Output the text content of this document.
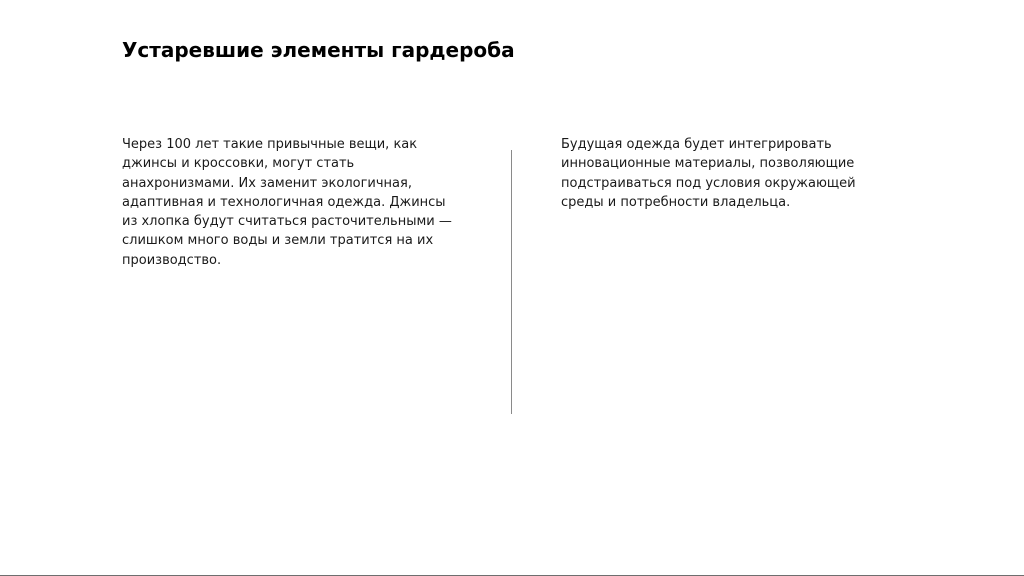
Устаревшие элементы гардероба

Через 100 лет такие привычные вещи, как джинсы и кроссовки, могут стать анахронизмами. Их заменит экологичная, адаптивная и технологичная одежда. Джинсы из хлопка будут считаться расточительными — слишком много воды и земли тратится на их производство.

Будущая одежда будет интегрировать инновационные материалы, позволяющие подстраиваться под условия окружающей среды и потребности владельца.
